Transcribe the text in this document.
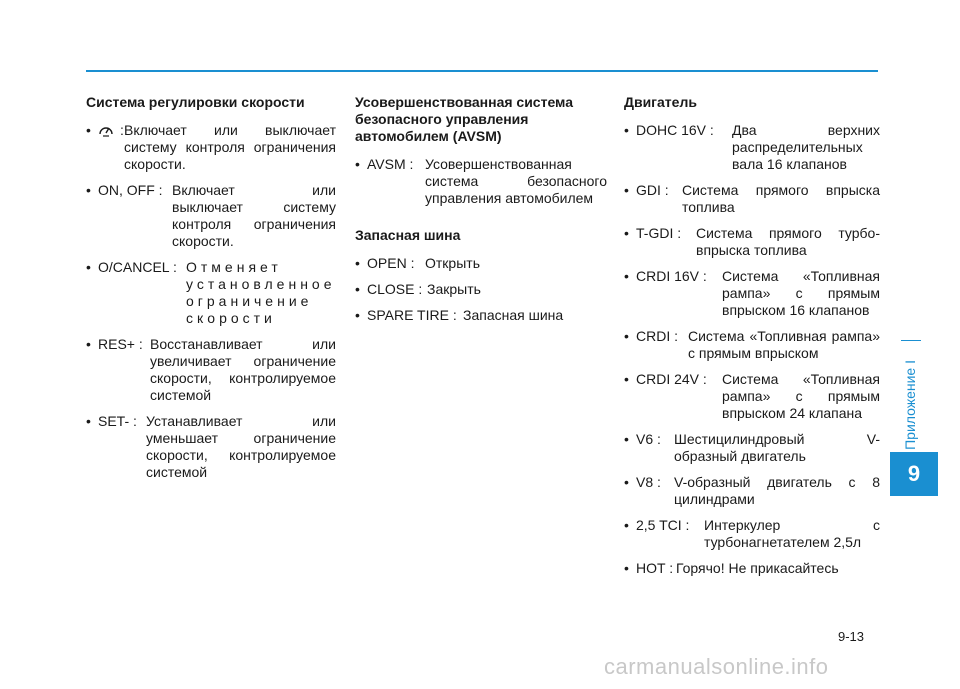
Система регулировки скорости
• : Включает или выключает систему контроля ограничения скорости.
• ON, OFF : Включает или выключает систему контроля ограничения скорости.
• O/CANCEL : Отменяет установленное ограничение скорости
• RES+ : Восстанавливает или увеличивает ограничение скорости, контролируемое системой
• SET- : Устанавливает или уменьшает ограничение скорости, контролируемое системой
Усовершенствованная система безопасного управления автомобилем (AVSM)
• AVSM : Усовершенствованная система безопасного управления автомобилем
Запасная шина
• OPEN : Открыть
• CLOSE : Закрыть
• SPARE TIRE : Запасная шина
Двигатель
• DOHC 16V :	Два верхних распределительных вала 16 клапанов
• GDI : Система прямого впрыска топлива
• T-GDI :	Система прямого турбо-впрыска топлива
• CRDI 16V :	Система «Топливная рампа» с прямым впрыском 16 клапанов
• CRDI : Система «Топливная рампа» с прямым впрыском
• CRDI 24V :	Система «Топливная рампа» с прямым впрыском 24 клапана
• V6 : Шестицилиндровый V-образный двигатель
• V8 : V-образный двигатель с 8 цилиндрами
• 2,5 TCI :	Интеркулер с турбонагнетателем 2,5л
• HOT : Горячо! Не прикасайтесь
Приложение I
9
9-13
carmanualsonline.info
